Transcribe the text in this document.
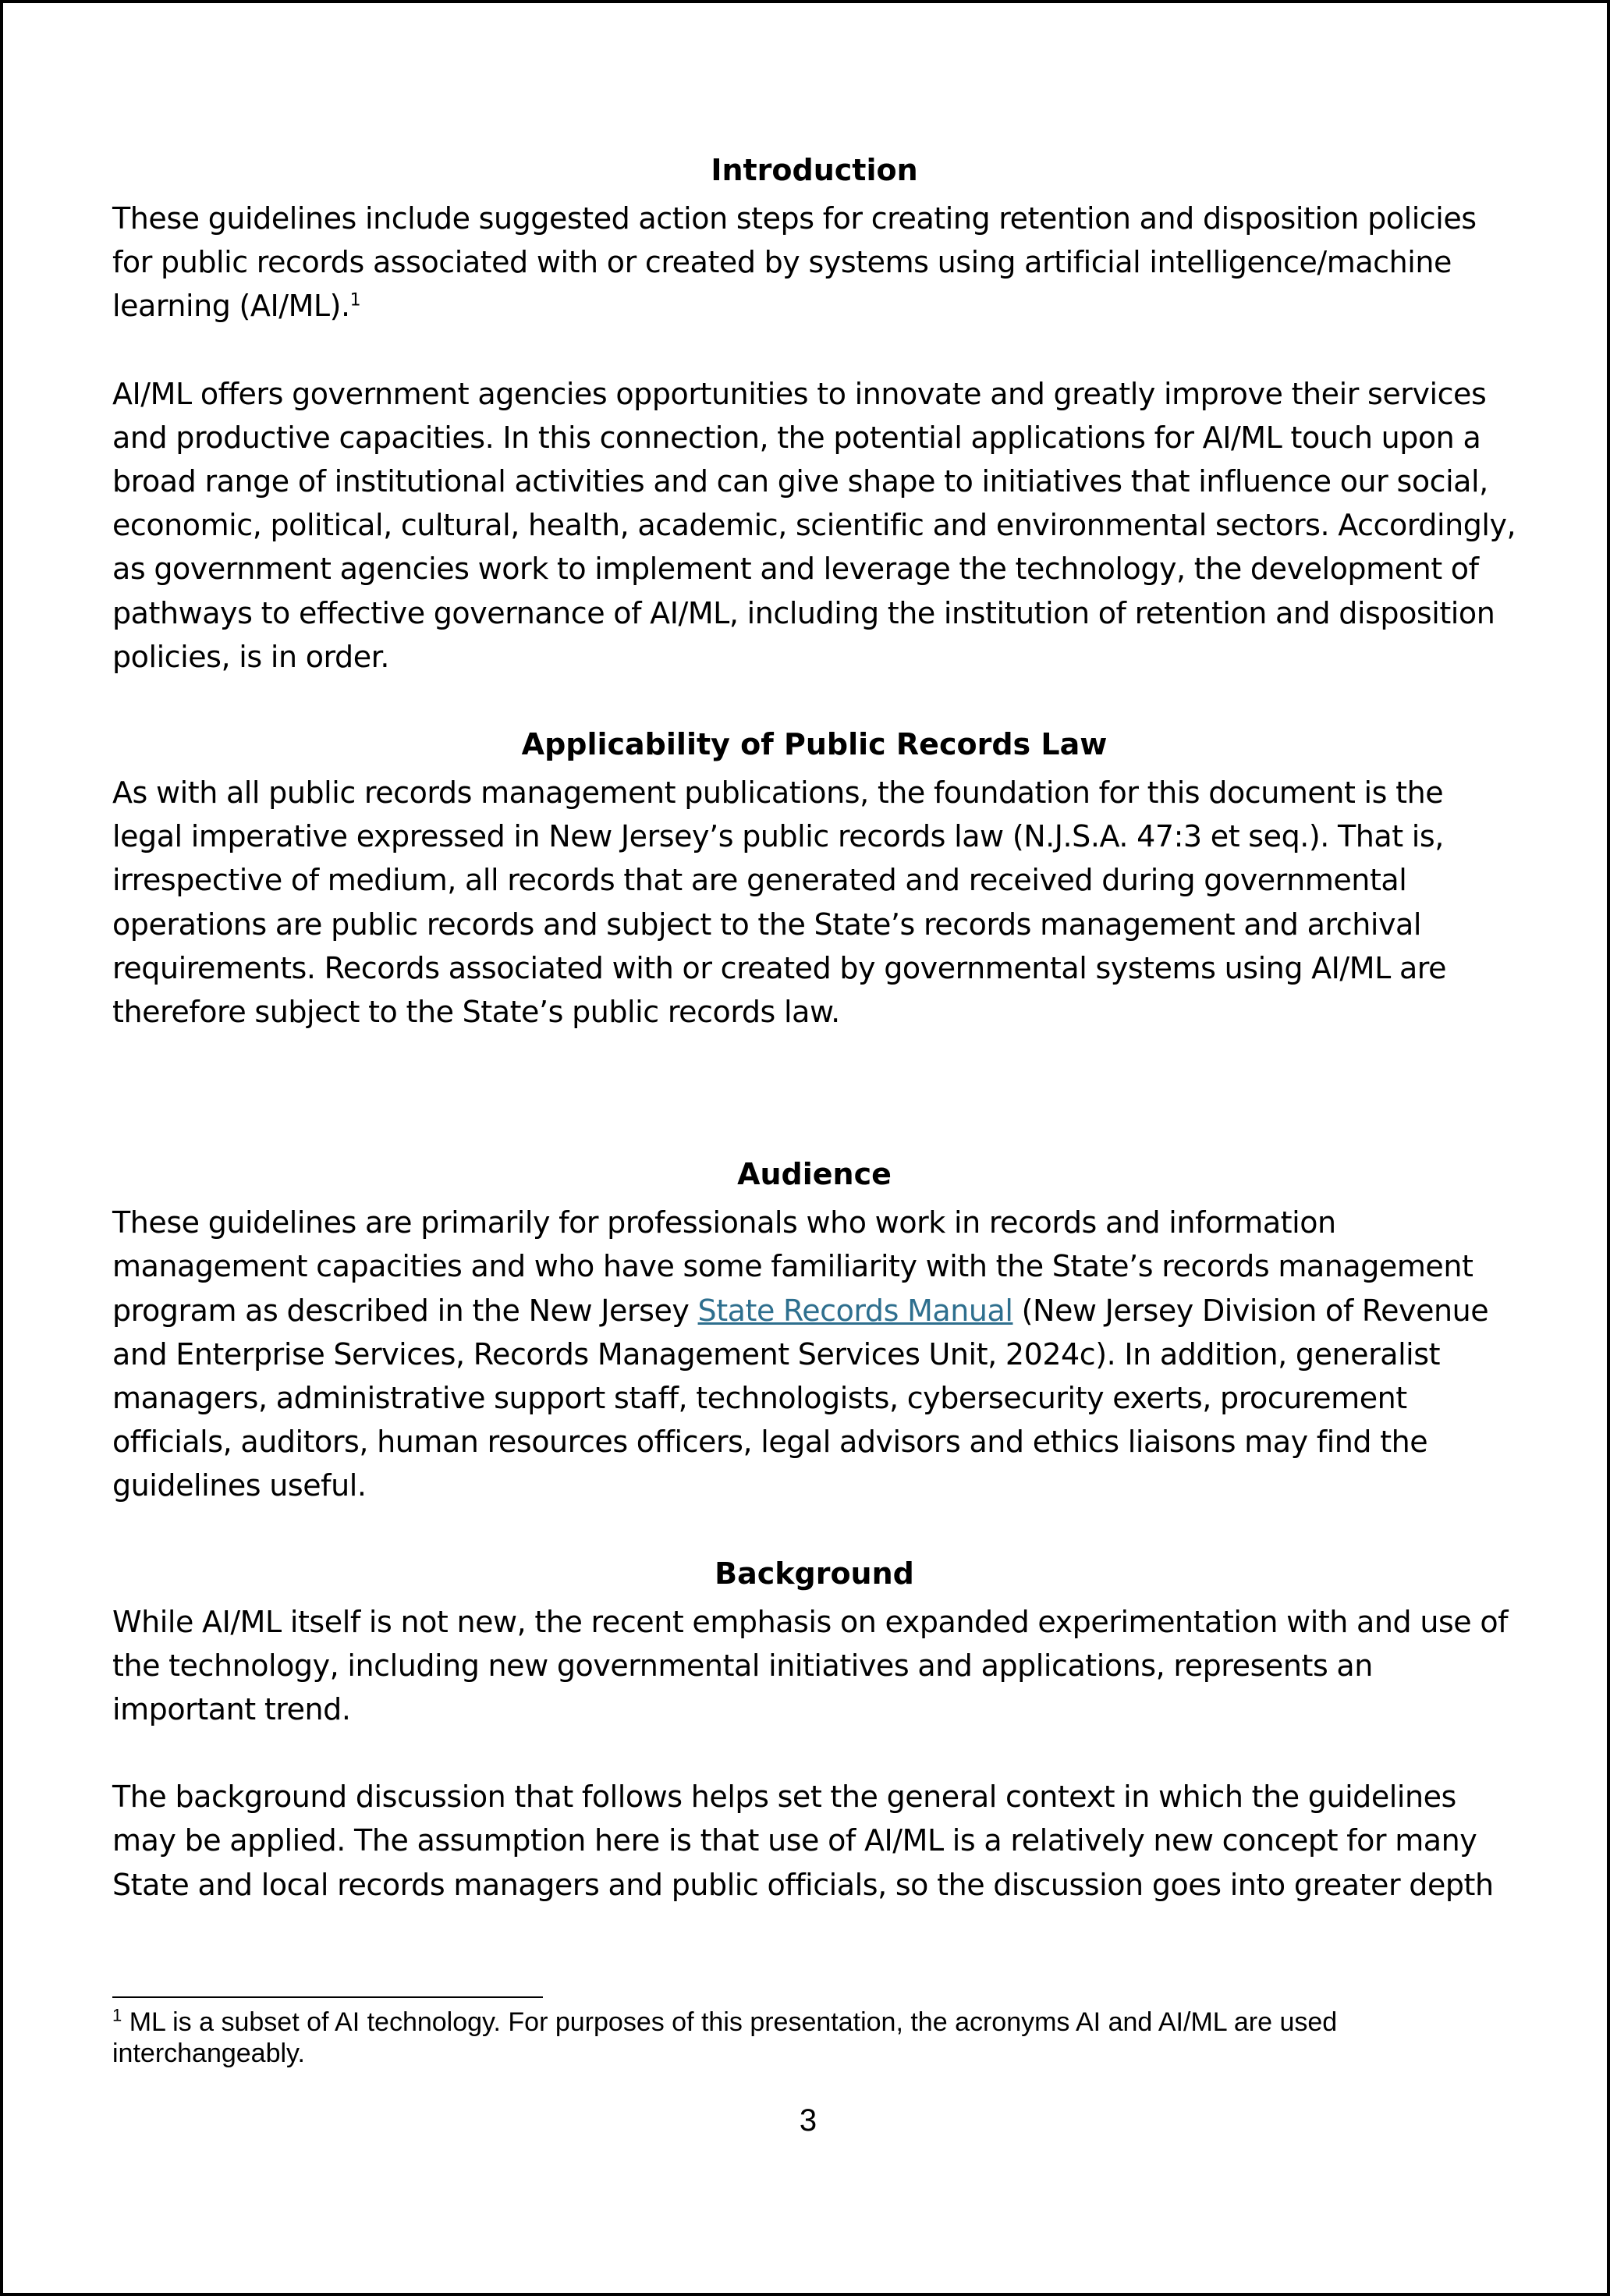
Introduction

These guidelines include suggested action steps for creating retention and disposition policies for public records associated with or created by systems using artificial intelligence/machine learning (AI/ML).$^1$

AI/ML offers government agencies opportunities to innovate and greatly improve their services and productive capacities. In this connection, the potential applications for AI/ML touch upon a broad range of institutional activities and can give shape to initiatives that influence our social, economic, political, cultural, health, academic, scientific and environmental sectors. Accordingly, as government agencies work to implement and leverage the technology, the development of pathways to effective governance of AI/ML, including the institution of retention and disposition policies, is in order.

Applicability of Public Records Law

As with all public records management publications, the foundation for this document is the legal imperative expressed in New Jersey’s public records law (N.J.S.A. 47:3 et seq.). That is, irrespective of medium, all records that are generated and received during governmental operations are public records and subject to the State’s records management and archival requirements. Records associated with or created by governmental systems using AI/ML are therefore subject to the State’s public records law.

Audience

These guidelines are primarily for professionals who work in records and information management capacities and who have some familiarity with the State’s records management program as described in the New Jersey State Records Manual (New Jersey Division of Revenue and Enterprise Services, Records Management Services Unit, 2024c). In addition, generalist managers, administrative support staff, technologists, cybersecurity exerts, procurement officials, auditors, human resources officers, legal advisors and ethics liaisons may find the guidelines useful.

Background

While AI/ML itself is not new, the recent emphasis on expanded experimentation with and use of the technology, including new governmental initiatives and applications, represents an important trend.

The background discussion that follows helps set the general context in which the guidelines may be applied. The assumption here is that use of AI/ML is a relatively new concept for many State and local records managers and public officials, so the discussion goes into greater depth

$^1$ ML is a subset of AI technology. For purposes of this presentation, the acronyms AI and AI/ML are used interchangeably.
3
